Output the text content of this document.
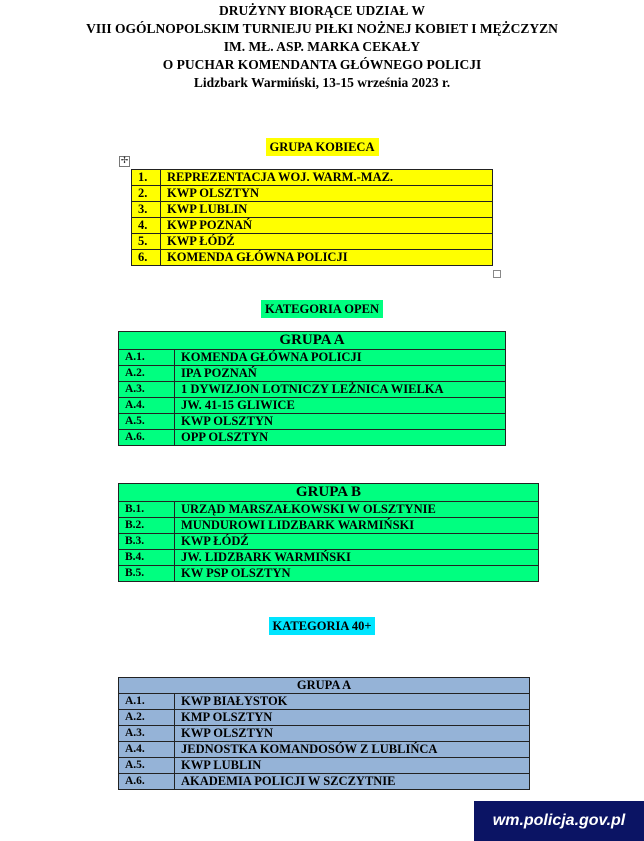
DRUŻYNY BIORĄCE UDZIAŁ W
VIII OGÓLNOPOLSKIM TURNIEJU PIŁKI NOŻNEJ KOBIET I MĘŻCZYZN
IM. MŁ. ASP. MARKA CEKAŁY
O PUCHAR KOMENDANTA GŁÓWNEGO POLICJI
Lidzbark Warmiński, 13-15 września 2023 r.
GRUPA KOBIECA
✢
1.	REPREZENTACJA WOJ. WARM.-MAZ.
2.	KWP OLSZTYN
3.	KWP LUBLIN
4.	KWP POZNAŃ
5.	KWP ŁÓDŹ
6.	KOMENDA GŁÓWNA POLICJI
KATEGORIA OPEN
GRUPA A	
A.1.	KOMENDA GŁÓWNA POLICJI
A.2.	IPA POZNAŃ
A.3.	1 DYWIZJON LOTNICZY LEŻNICA WIELKA
A.4.	JW. 41-15 GLIWICE
A.5.	KWP OLSZTYN
A.6.	OPP OLSZTYN
GRUPA B	
B.1.	URZĄD MARSZAŁKOWSKI W OLSZTYNIE
B.2.	MUNDUROWI LIDZBARK WARMIŃSKI
B.3.	KWP ŁÓDŹ
B.4.	JW. LIDZBARK WARMIŃSKI
B.5.	KW PSP OLSZTYN
KATEGORIA 40+
GRUPA A	
A.1.	KWP BIAŁYSTOK
A.2.	KMP OLSZTYN
A.3.	KWP OLSZTYN
A.4.	JEDNOSTKA KOMANDOSÓW Z LUBLIŃCA
A.5.	KWP LUBLIN
A.6.	AKADEMIA POLICJI W SZCZYTNIE
wm.policja.gov.pl
